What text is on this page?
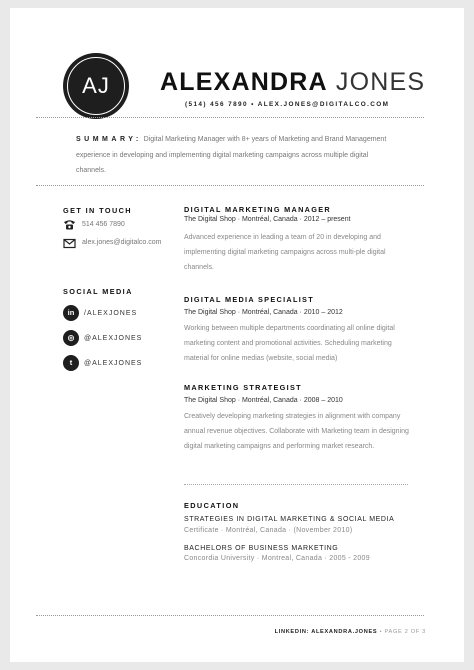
AJ	ALEXANDRA JONES
(514) 456 7890 • ALEX.JONES@DIGITALCO.COM
SUMMARY: Digital Marketing Manager with 8+ years of Marketing and Brand Management experience in developing and implementing digital marketing campaigns across multiple digital channels.
GET IN TOUCH
514 456 7890
alex.jones@digitalco.com
SOCIAL MEDIA
in	/ALEXJONES
◎	@ALEXJONES
t	@ALEXJONES
DIGITAL MARKETING MANAGER
The Digital Shop · Montréal, Canada · 2012 – present
Advanced experience in leading a team of 20 in developing and implementing digital marketing campaigns across multi-ple digital channels.
DIGITAL MEDIA SPECIALIST
The Digital Shop · Montréal, Canada · 2010 – 2012
Working between multiple departments coordinating all online digital marketing content and promotional activities. Scheduling marketing material for online medias (website, social media)
MARKETING STRATEGIST
The Digital Shop · Montréal, Canada · 2008 – 2010
Creatively developing marketing strategies in alignment with company annual revenue objectives. Collaborate with Marketing team in designing digital marketing campaigns and performing market research.
EDUCATION
STRATEGIES IN DIGITAL MARKETING & SOCIAL MEDIA
Certificate · Montréal, Canada · (November 2010)
BACHELORS OF BUSINESS MARKETING
Concordia University · Montreal, Canada · 2005 - 2009
LINKEDIN: ALEXANDRA.JONES • PAGE 2 OF 3
